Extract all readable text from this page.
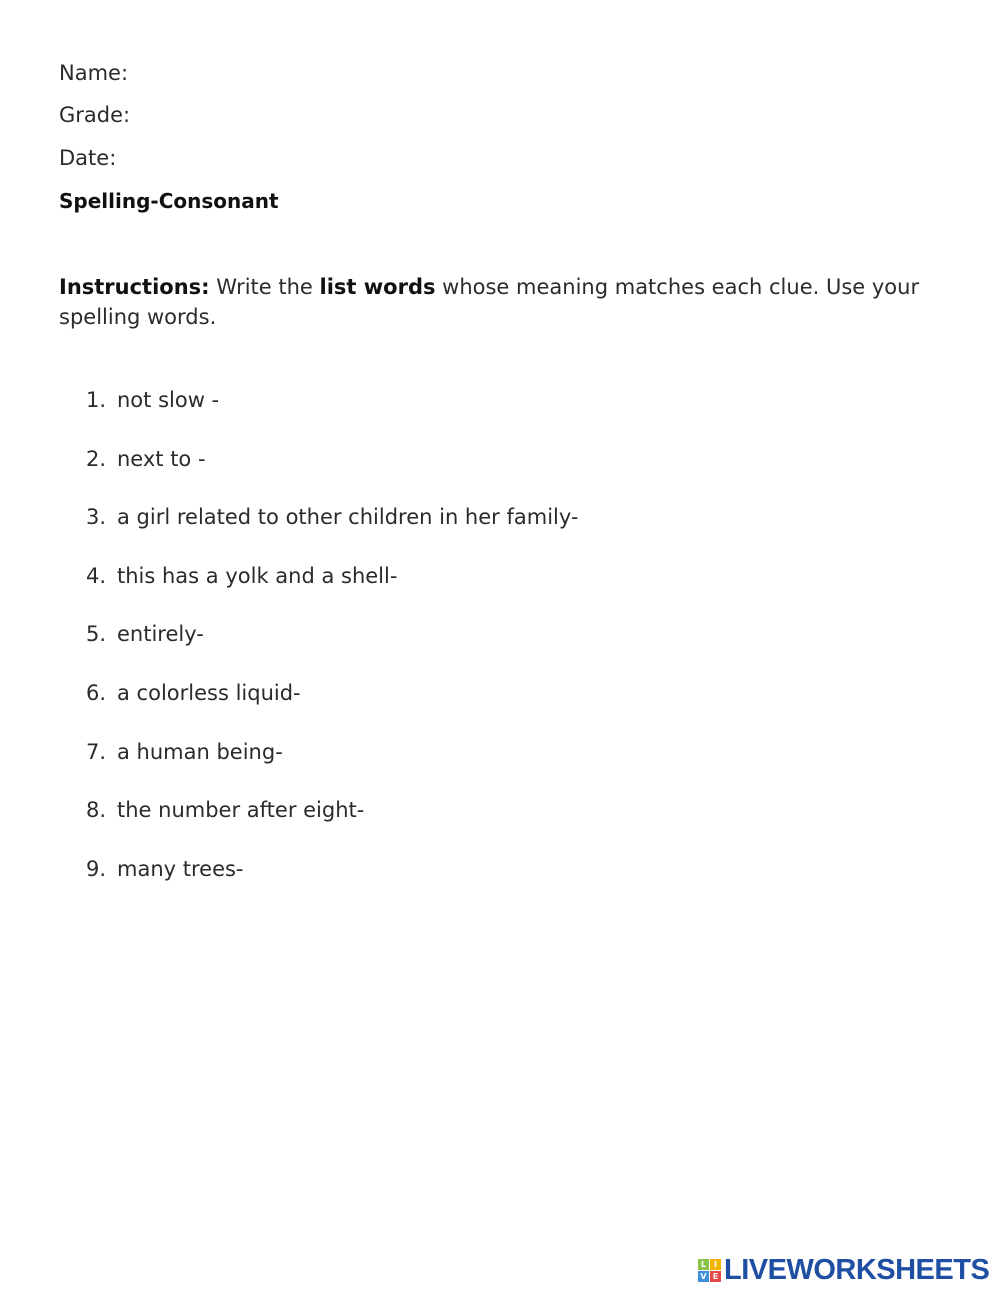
Name:
Grade:
Date:
Spelling-Consonant
Instructions: Write the list words whose meaning matches each clue. Use your spelling words.
1. not slow -
2. next to -
3. a girl related to other children in her family-
4. this has a yolk and a shell-
5. entirely-
6. a colorless liquid-
7. a human being-
8. the number after eight-
9. many trees-
L I
V E LIVEWORKSHEETS
